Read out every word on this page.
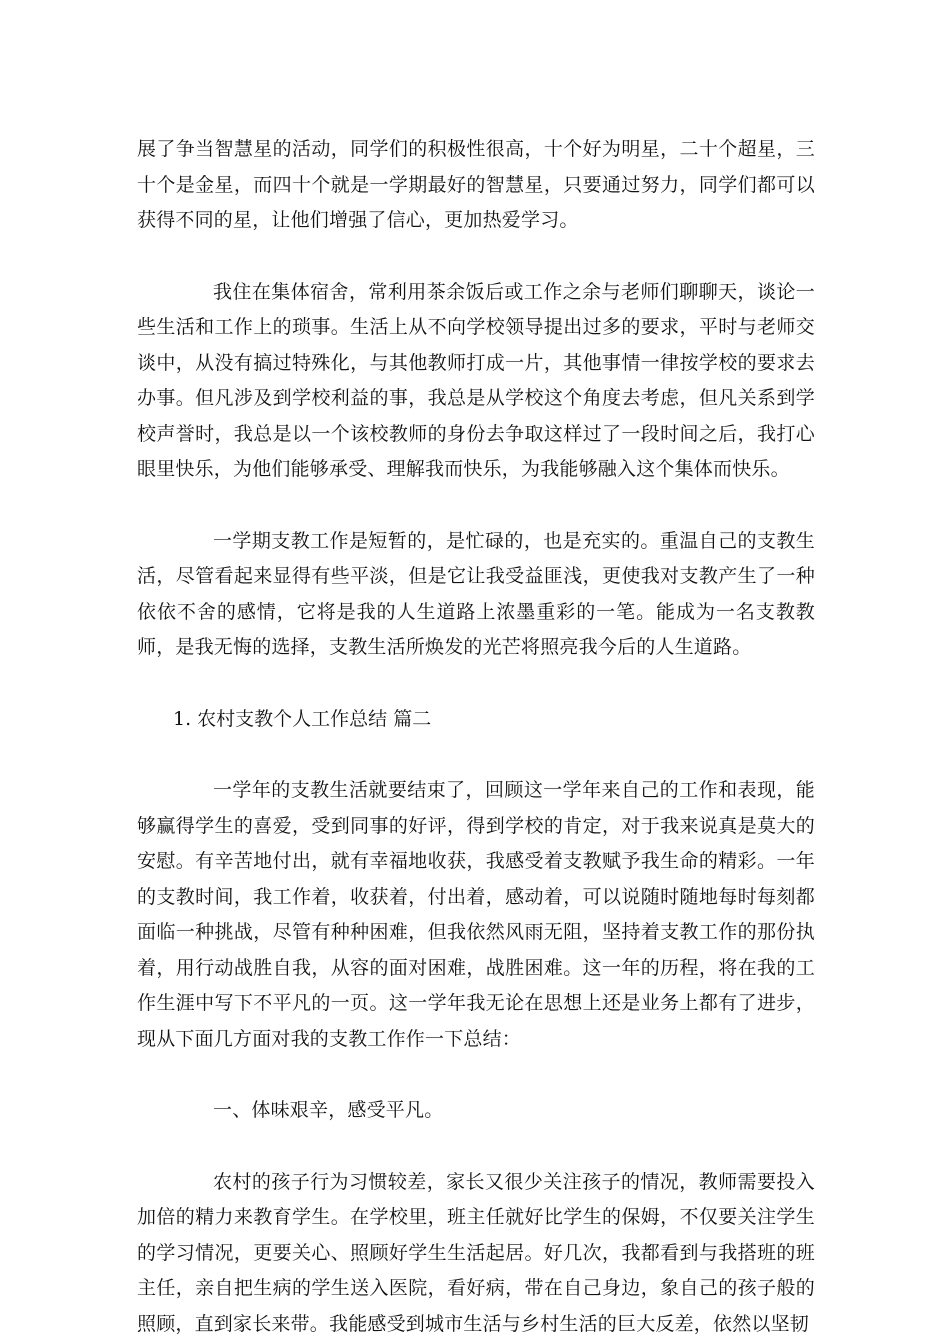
展了争当智慧星的活动，同学们的积极性很高，十个好为明星，二十个超星，三十个是金星，而四十个就是一学期最好的智慧星，只要通过努力，同学们都可以获得不同的星，让他们增强了信心，更加热爱学习。

我住在集体宿舍，常利用茶余饭后或工作之余与老师们聊聊天，谈论一些生活和工作上的琐事。生活上从不向学校领导提出过多的要求，平时与老师交谈中，从没有搞过特殊化，与其他教师打成一片，其他事情一律按学校的要求去办事。但凡涉及到学校利益的事，我总是从学校这个角度去考虑，但凡关系到学校声誉时，我总是以一个该校教师的身份去争取这样过了一段时间之后，我打心眼里快乐，为他们能够承受、理解我而快乐，为我能够融入这个集体而快乐。

一学期支教工作是短暂的，是忙碌的，也是充实的。重温自己的支教生活，尽管看起来显得有些平淡，但是它让我受益匪浅，更使我对支教产生了一种依依不舍的感情，它将是我的人生道路上浓墨重彩的一笔。能成为一名支教教师，是我无悔的选择，支教生活所焕发的光芒将照亮我今后的人生道路。

1. 农村支教个人工作总结 篇二

一学年的支教生活就要结束了，回顾这一学年来自己的工作和表现，能够赢得学生的喜爱，受到同事的好评，得到学校的肯定，对于我来说真是莫大的安慰。有辛苦地付出，就有幸福地收获，我感受着支教赋予我生命的精彩。一年的支教时间，我工作着，收获着，付出着，感动着，可以说随时随地每时每刻都面临一种挑战，尽管有种种困难，但我依然风雨无阻，坚持着支教工作的那份执着，用行动战胜自我，从容的面对困难，战胜困难。这一年的历程，将在我的工作生涯中写下不平凡的一页。这一学年我无论在思想上还是业务上都有了进步，现从下面几方面对我的支教工作作一下总结：

一、体味艰辛，感受平凡。

农村的孩子行为习惯较差，家长又很少关注孩子的情况，教师需要投入加倍的精力来教育学生。在学校里，班主任就好比学生的保姆，不仅要关注学生的学习情况，更要关心、照顾好学生生活起居。好几次，我都看到与我搭班的班主任，亲自把生病的学生送入医院，看好病，带在自己身边，象自己的孩子般的照顾，直到家长来带。我能感受到城市生活与乡村生活的巨大反差，依然以坚韧
